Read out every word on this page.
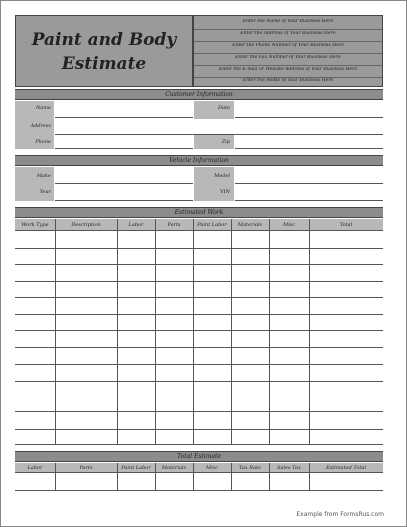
Paint and Body
Estimate
Enter the Name of Your Business Here
Enter the Address of Your Business Here
Enter the Phone Number of Your Business Here
Enter the Fax Number of Your Business Here
Enter the E-mail or Website Address of Your Business Here
Enter the Motto of Your Business Here
Customer Information
Name	Date
Address
Phone	Zip
Vehicle Information
Make	Model
Year	VIN
Estimated Work
Work Type	Description	Labor	Parts	Paint Labor	Materials	Misc	Total
Total Estimate
Labor	Parts	Paint Labor	Materials	Misc	Tax Rate	Sales Tax	Estimated Total
Example from FormsRus.com
